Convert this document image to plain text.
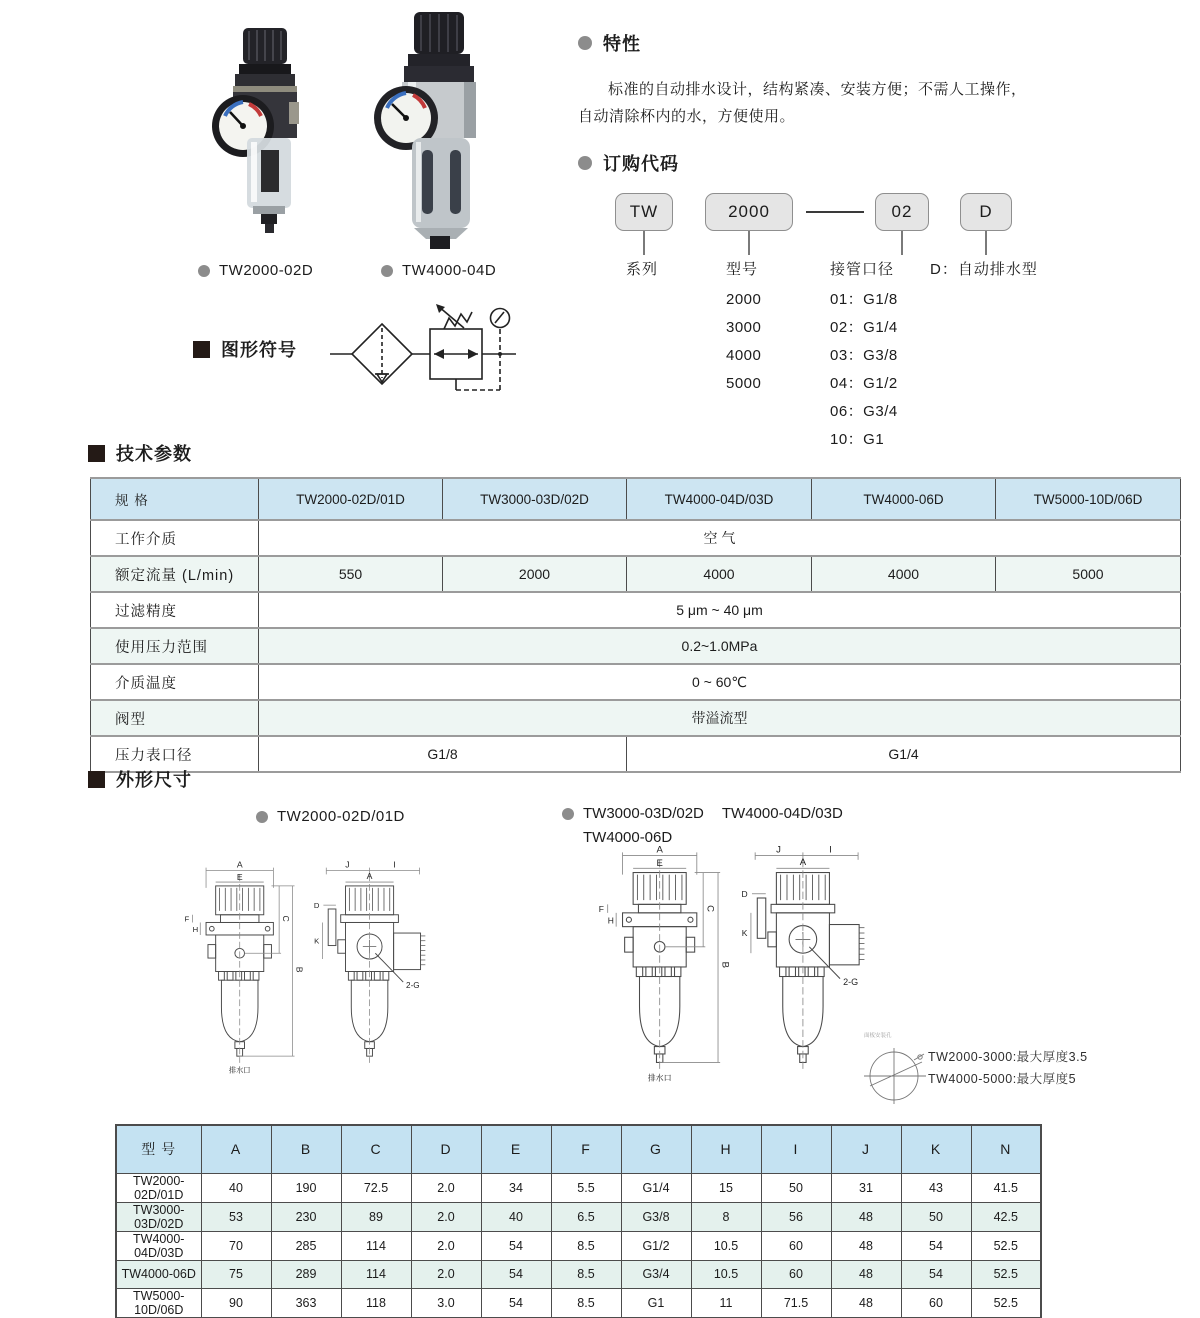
TW2000-02D	TW4000-04D
图形符号
特性
标准的自动排水设计，结构紧凑、安装方便；不需人工操作，
自动清除杯内的水，方便使用。
订购代码
TW	2000	02	D
系列	型号	接管口径 D：自动排水型
2000
3000
4000
5000
01：G1/8
02：G1/4
03：G3/8
04：G1/2
06：G3/4
10：G1
技术参数
规 格	TW2000-02D/01D	TW3000-03D/02D	TW4000-04D/03D	TW4000-06D	TW5000-10D/06D
工作介质	空 气				
额定流量 (L/min)	550	2000	4000	4000	5000
过滤精度	5 μm ~ 40 μm				
使用压力范围	0.2~1.0MPa				
介质温度	0 ~ 60℃				
阀型	带溢流型				
压力表口径	G1/8		G1/4		
外形尺寸
TW2000-02D/01D	TW3000-03D/02D TW4000-04D/03D
TW4000-06D
A
E
H
F	C
B
J	I
A
D
K
2-G
排水口
A
E
H
F	C
B
J	I
A
D
K
2-G
排水口
面板安装孔
TW2000-3000:最大厚度3.5
TW4000-5000:最大厚度5
型 号	A	B	C	D	E	F	G	H	I	J	K	N
TW2000-02D/01D	40	190	72.5	2.0	34	5.5	G1/4	15	50	31	43	41.5
TW3000-03D/02D	53	230	89	2.0	40	6.5	G3/8	8	56	48	50	42.5
TW4000-04D/03D	70	285	114	2.0	54	8.5	G1/2	10.5	60	48	54	52.5
TW4000-06D	75	289	114	2.0	54	8.5	G3/4	10.5	60	48	54	52.5
TW5000-10D/06D	90	363	118	3.0	54	8.5	G1	11	71.5	48	60	52.5
